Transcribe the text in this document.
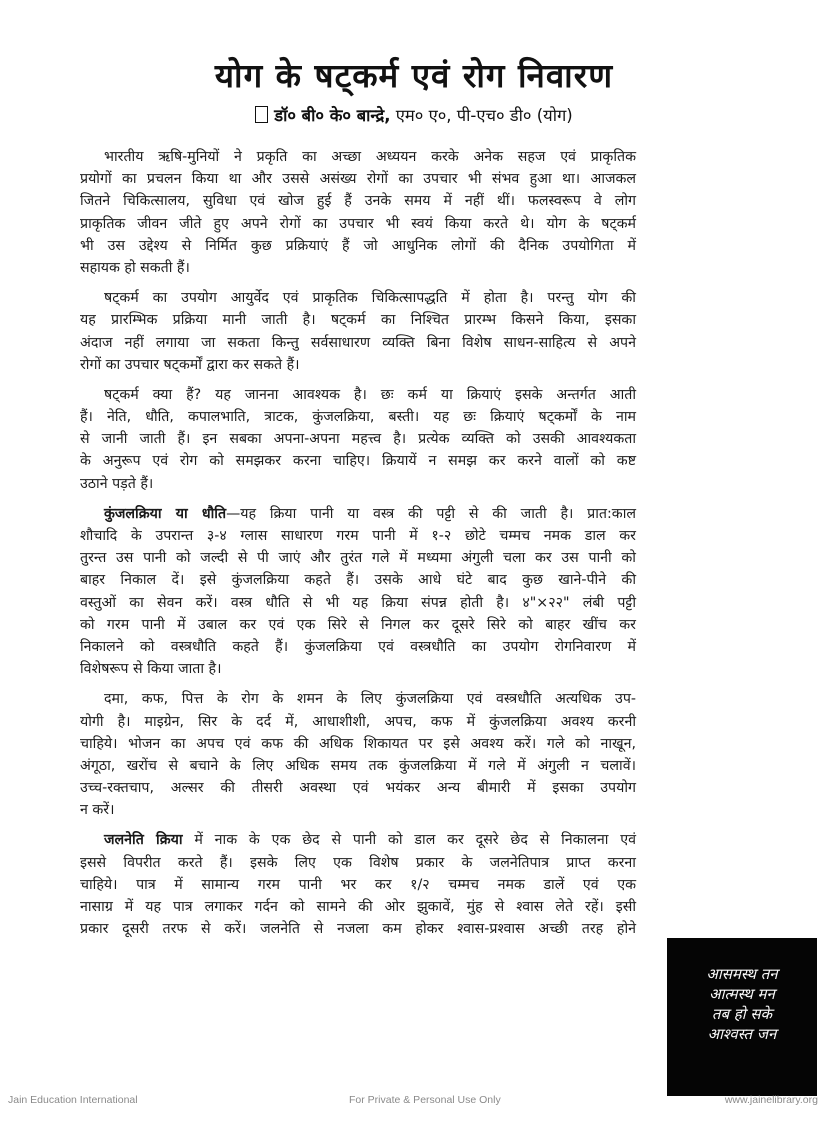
योग के षट्कर्म एवं रोग निवारण
डॉ० बी० के० बान्द्रे, एम० ए०, पी-एच० डी० (योग)
भारतीय ऋषि-मुनियों ने प्रकृति का अच्छा अध्ययन करके अनेक सहज एवं प्राकृतिक
प्रयोगों का प्रचलन किया था और उससे असंख्य रोगों का उपचार भी संभव हुआ था। आजकल
जितने चिकित्सालय, सुविधा एवं खोज हुई हैं उनके समय में नहीं थीं। फलस्वरूप वे लोग
प्राकृतिक जीवन जीते हुए अपने रोगों का उपचार भी स्वयं किया करते थे। योग के षट्कर्म
भी उस उद्देश्य से निर्मित कुछ प्रक्रियाएं हैं जो आधुनिक लोगों की दैनिक उपयोगिता में
सहायक हो सकती हैं।
षट्कर्म का उपयोग आयुर्वेद एवं प्राकृतिक चिकित्सापद्धति में होता है। परन्तु योग की
यह प्रारम्भिक प्रक्रिया मानी जाती है। षट्कर्म का निश्चित प्रारम्भ किसने किया, इसका
अंदाज नहीं लगाया जा सकता किन्तु सर्वसाधारण व्यक्ति बिना विशेष साधन-साहित्य से अपने
रोगों का उपचार षट्कर्मों द्वारा कर सकते हैं।
षट्कर्म क्या हैं? यह जानना आवश्यक है। छः कर्म या क्रियाएं इसके अन्तर्गत आती
हैं। नेति, धौति, कपालभाति, त्राटक, कुंजलक्रिया, बस्ती। यह छः क्रियाएं षट्कर्मों के नाम
से जानी जाती हैं। इन सबका अपना-अपना महत्त्व है। प्रत्येक व्यक्ति को उसकी आवश्यकता
के अनुरूप एवं रोग को समझकर करना चाहिए। क्रियायें न समझ कर करने वालों को कष्ट
उठाने पड़ते हैं।
कुंजलक्रिया या धौति—यह क्रिया पानी या वस्त्र की पट्टी से की जाती है। प्रात:काल
शौचादि के उपरान्त ३-४ ग्लास साधारण गरम पानी में १-२ छोटे चम्मच नमक डाल कर
तुरन्त उस पानी को जल्दी से पी जाएं और तुरंत गले में मध्यमा अंगुली चला कर उस पानी को
बाहर निकाल दें। इसे कुंजलक्रिया कहते हैं। उसके आधे घंटे बाद कुछ खाने-पीने की
वस्तुओं का सेवन करें। वस्त्र धौति से भी यह क्रिया संपन्न होती है। ४"×२२" लंबी पट्टी
को गरम पानी में उबाल कर एवं एक सिरे से निगल कर दूसरे सिरे को बाहर खींच कर
निकालने को वस्त्रधौति कहते हैं। कुंजलक्रिया एवं वस्त्रधौति का उपयोग रोगनिवारण में
विशेषरूप से किया जाता है।
दमा, कफ, पित्त के रोग के शमन के लिए कुंजलक्रिया एवं वस्त्रधौति अत्यधिक उप-
योगी है। माइग्रेन, सिर के दर्द में, आधाशीशी, अपच, कफ में कुंजलक्रिया अवश्य करनी
चाहिये। भोजन का अपच एवं कफ की अधिक शिकायत पर इसे अवश्य करें। गले को नाखून,
अंगूठा, खरोंच से बचाने के लिए अधिक समय तक कुंजलक्रिया में गले में अंगुली न चलावें।
उच्च-रक्तचाप, अल्सर की तीसरी अवस्था एवं भयंकर अन्य बीमारी में इसका उपयोग
न करें।
जलनेति क्रिया में नाक के एक छेद से पानी को डाल कर दूसरे छेद से निकालना एवं
इससे विपरीत करते हैं। इसके लिए एक विशेष प्रकार के जलनेतिपात्र प्राप्त करना
चाहिये। पात्र में सामान्य गरम पानी भर कर १/२ चम्मच नमक डालें एवं एक
नासाग्र में यह पात्र लगाकर गर्दन को सामने की ओर झुकावें, मुंह से श्वास लेते रहें। इसी
प्रकार दूसरी तरफ से करें। जलनेति से नजला कम होकर श्वास-प्रश्वास अच्छी तरह होने
आसमस्थ तन
आत्मस्थ मन
तब हो सके
आश्वस्त जन
Jain Education International	For Private & Personal Use Only	www.jainelibrary.org
